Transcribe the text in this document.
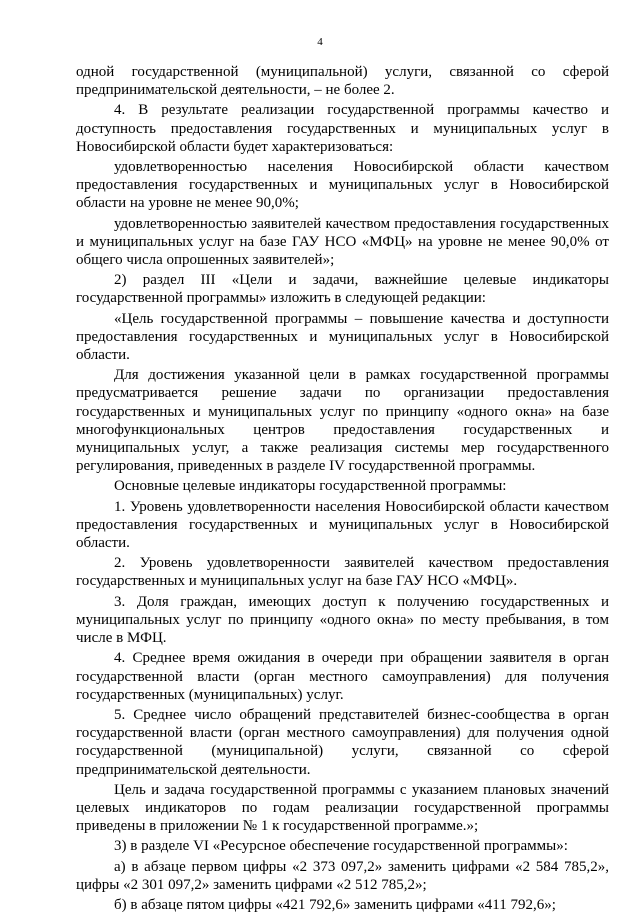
4

одной государственной (муниципальной) услуги, связанной со сферой предпринимательской деятельности, – не более 2.

4. В результате реализации государственной программы качество и доступность предоставления государственных и муниципальных услуг в Новосибирской области будет характеризоваться:

удовлетворенностью населения Новосибирской области качеством предоставления государственных и муниципальных услуг в Новосибирской области на уровне не менее 90,0%;

удовлетворенностью заявителей качеством предоставления государственных и муниципальных услуг на базе ГАУ НСО «МФЦ» на уровне не менее 90,0% от общего числа опрошенных заявителей»;

2) раздел III «Цели и задачи, важнейшие целевые индикаторы государственной программы» изложить в следующей редакции:

«Цель государственной программы – повышение качества и доступности предоставления государственных и муниципальных услуг в Новосибирской области.

Для достижения указанной цели в рамках государственной программы предусматривается решение задачи по организации предоставления государственных и муниципальных услуг по принципу «одного окна» на базе многофункциональных центров предоставления государственных и муниципальных услуг, а также реализация системы мер государственного регулирования, приведенных в разделе IV государственной программы.

Основные целевые индикаторы государственной программы:

1. Уровень удовлетворенности населения Новосибирской области качеством предоставления государственных и муниципальных услуг в Новосибирской области.

2. Уровень удовлетворенности заявителей качеством предоставления государственных и муниципальных услуг на базе ГАУ НСО «МФЦ».

3. Доля граждан, имеющих доступ к получению государственных и муниципальных услуг по принципу «одного окна» по месту пребывания, в том числе в МФЦ.

4. Среднее время ожидания в очереди при обращении заявителя в орган государственной власти (орган местного самоуправления) для получения государственных (муниципальных) услуг.

5. Среднее число обращений представителей бизнес-сообщества в орган государственной власти (орган местного самоуправления) для получения одной государственной (муниципальной) услуги, связанной со сферой предпринимательской деятельности.

Цель и задача государственной программы с указанием плановых значений целевых индикаторов по годам реализации государственной программы приведены в приложении № 1 к государственной программе.»;

3) в разделе VI «Ресурсное обеспечение государственной программы»:

а) в абзаце первом цифры «2 373 097,2» заменить цифрами «2 584 785,2», цифры «2 301 097,2» заменить цифрами «2 512 785,2»;

б) в абзаце пятом цифры «421 792,6» заменить цифрами «411 792,6»;
